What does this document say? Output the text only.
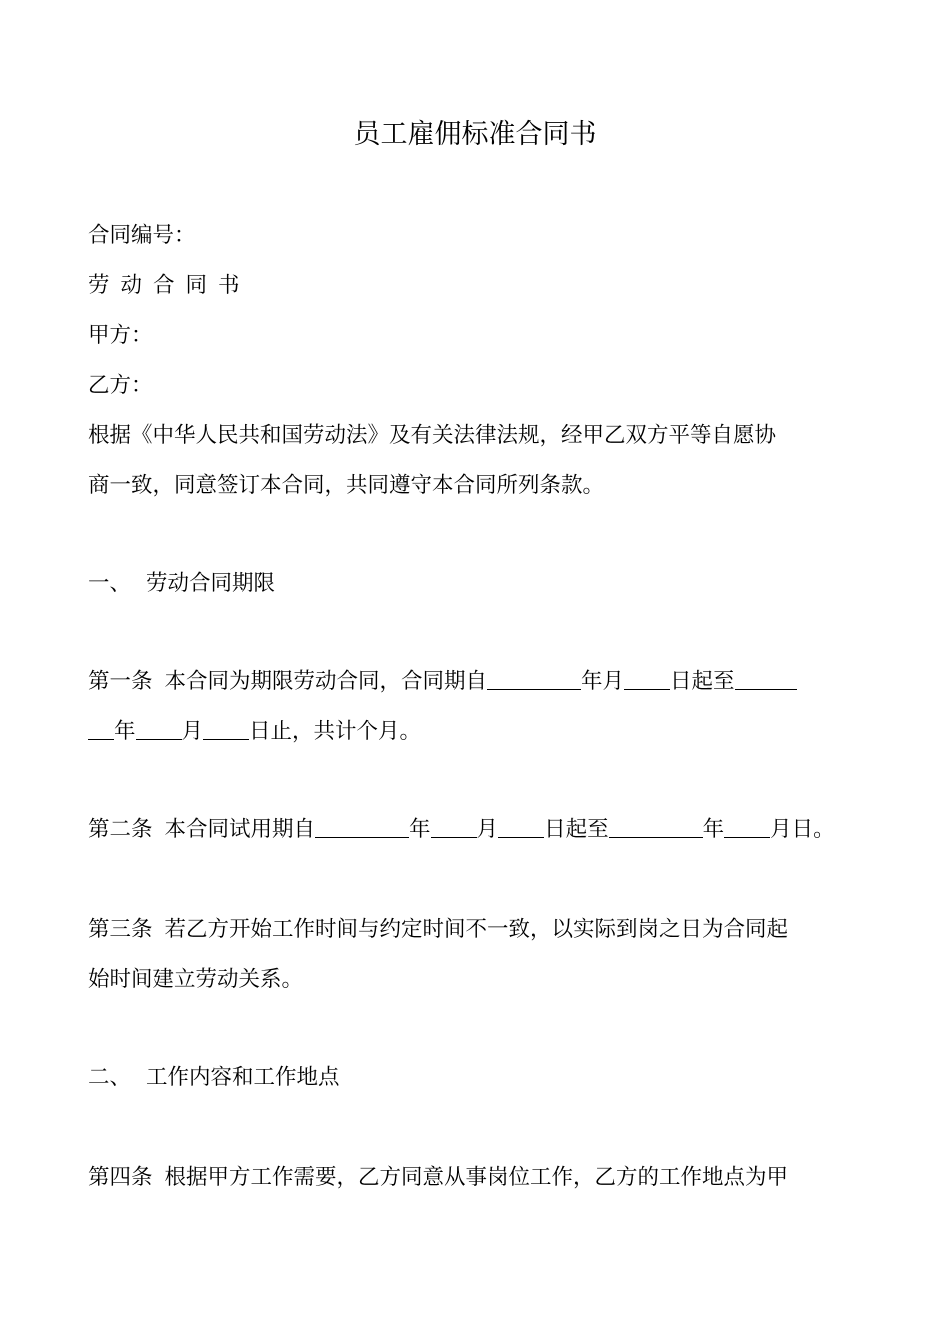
员工雇佣标准合同书
合同编号：
劳动合同书
甲方：
乙方：
根据《中华人民共和国劳动法》及有关法律法规，经甲乙双方平等自愿协
商一致，同意签订本合同，共同遵守本合同所列条款。
一、 劳动合同期限
第一条 本合同为期限劳动合同，合同期自	年月 日起至
年 月 日止，共计个月。
第二条 本合同试用期自	年 月 日起至	年 月日。
第三条 若乙方开始工作时间与约定时间不一致，以实际到岗之日为合同起
始时间建立劳动关系。
二、 工作内容和工作地点
第四条 根据甲方工作需要，乙方同意从事岗位工作，乙方的工作地点为甲
